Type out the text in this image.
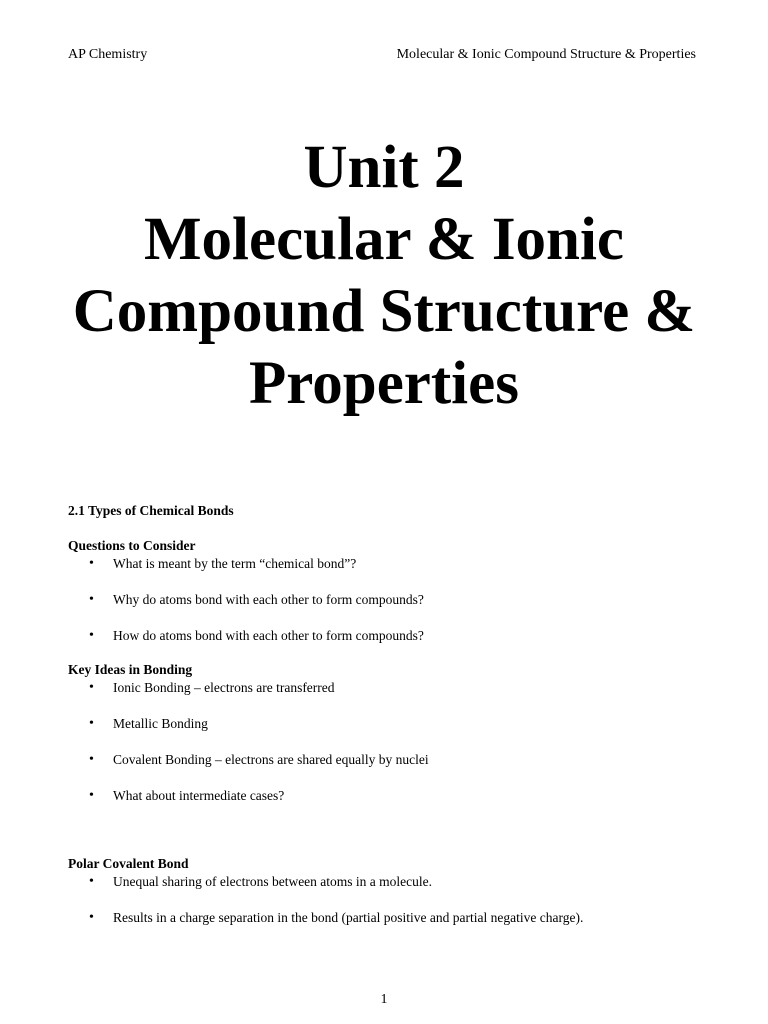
AP Chemistry	Molecular & Ionic Compound Structure & Properties
Unit 2
Molecular & Ionic
Compound Structure &
Properties
2.1 Types of Chemical Bonds
Questions to Consider
• What is meant by the term “chemical bond”?
• Why do atoms bond with each other to form compounds?
• How do atoms bond with each other to form compounds?
Key Ideas in Bonding
• Ionic Bonding – electrons are transferred
• Metallic Bonding
• Covalent Bonding – electrons are shared equally by nuclei
• What about intermediate cases?
Polar Covalent Bond
• Unequal sharing of electrons between atoms in a molecule.
• Results in a charge separation in the bond (partial positive and partial negative charge).
1
